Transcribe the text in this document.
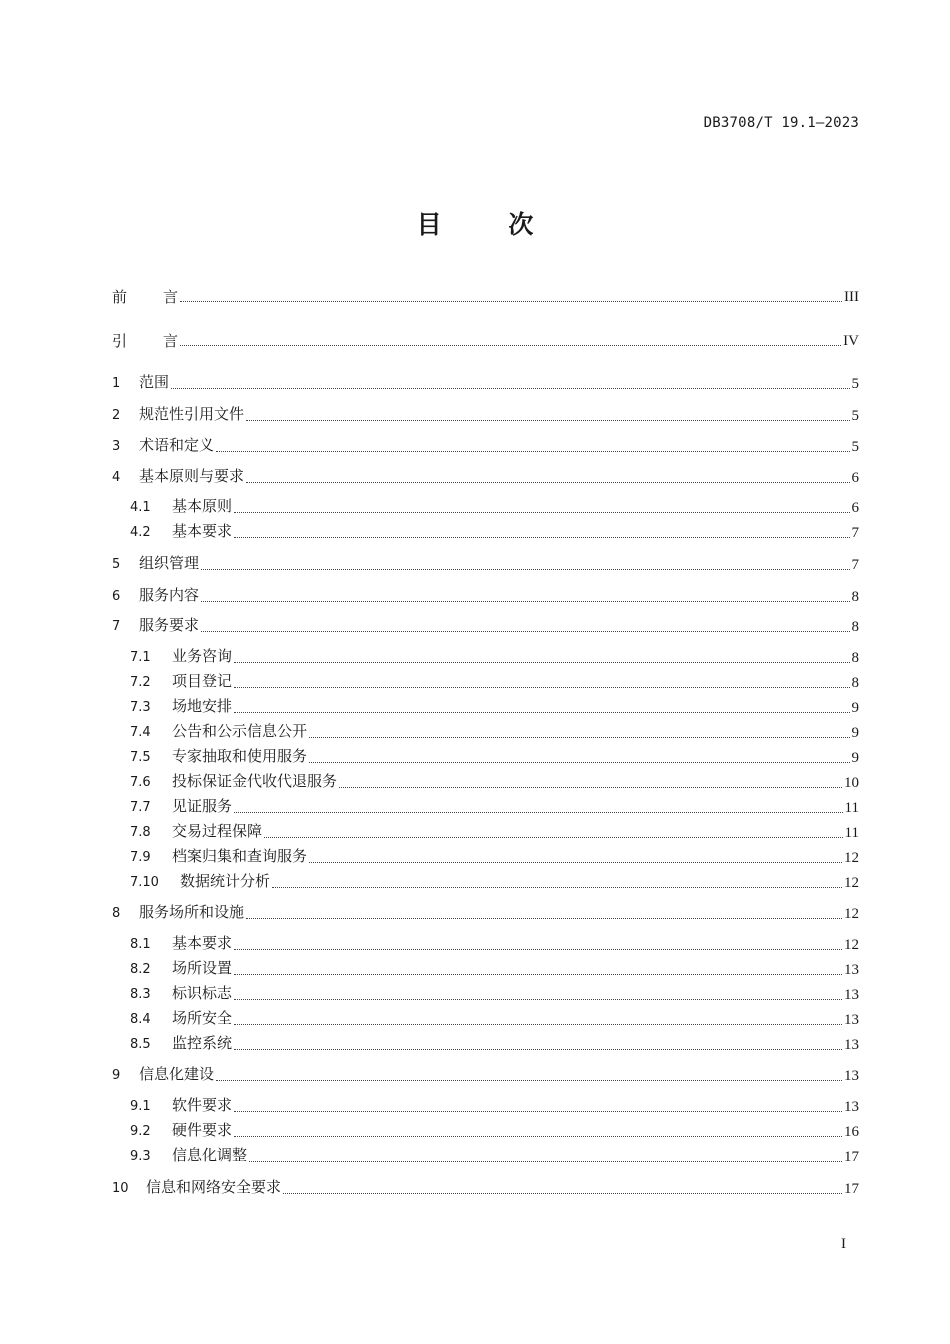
DB3708/T 19.1—2023
目	次
前 言	III
引 言	IV
1 范围	5
2 规范性引用文件	5
3 术语和定义	5
4 基本原则与要求	6
4.1 基本原则	6
4.2 基本要求	7
5 组织管理	7
6 服务内容	8
7 服务要求	8
7.1 业务咨询	8
7.2 项目登记	8
7.3 场地安排	9
7.4 公告和公示信息公开	9
7.5 专家抽取和使用服务	9
7.6 投标保证金代收代退服务	10
7.7 见证服务	11
7.8 交易过程保障	11
7.9 档案归集和查询服务	12
7.10 数据统计分析	12
8 服务场所和设施	12
8.1 基本要求	12
8.2 场所设置	13
8.3 标识标志	13
8.4 场所安全	13
8.5 监控系统	13
9 信息化建设	13
9.1 软件要求	13
9.2 硬件要求	16
9.3 信息化调整	17
10 信息和网络安全要求	17
I
